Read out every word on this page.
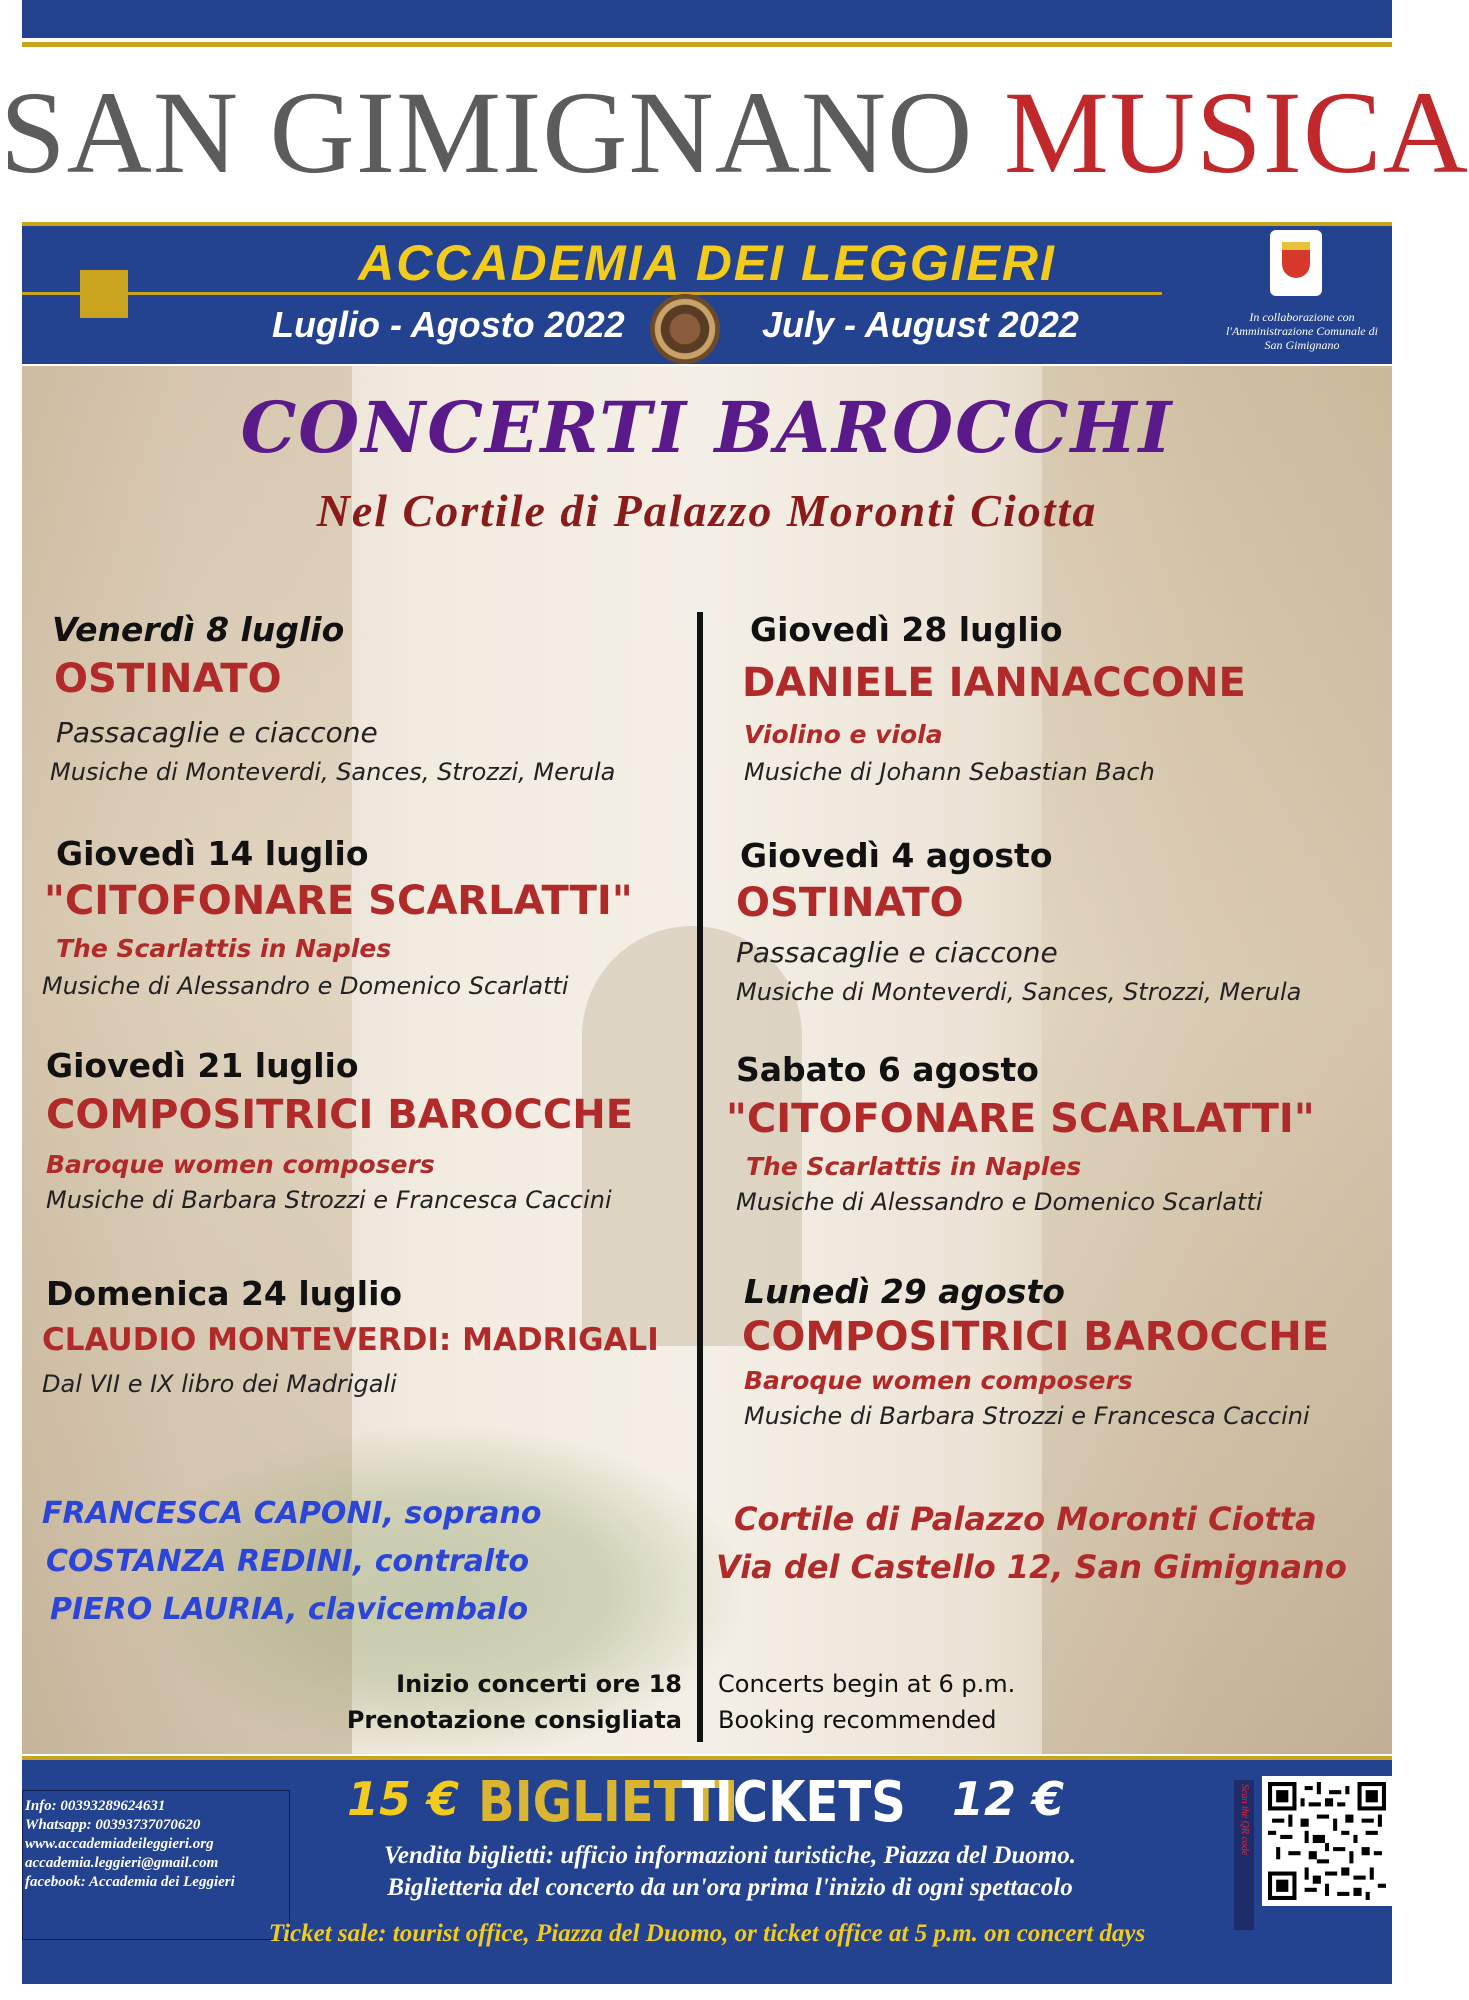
SAN GIMIGNANO MUSICA
ACCADEMIA DEI LEGGIERI
Luglio - Agosto 2022	July - August 2022	In collaborazione con l'Amministrazione Comunale di San Gimignano
CONCERTI BAROCCHI
Nel Cortile di Palazzo Moronti Ciotta
Venerdì 8 luglio
OSTINATO
Passacaglie e ciaccone
Musiche di Monteverdi, Sances, Strozzi, Merula
Giovedì 14 luglio
"CITOFONARE SCARLATTI"
The Scarlattis in Naples
Musiche di Alessandro e Domenico Scarlatti
Giovedì 21 luglio
COMPOSITRICI BAROCCHE
Baroque women composers
Musiche di Barbara Strozzi e Francesca Caccini
Domenica 24 luglio
CLAUDIO MONTEVERDI: MADRIGALI
Dal VII e IX libro dei Madrigali
Giovedì 28 luglio
DANIELE IANNACCONE
Violino e viola
Musiche di Johann Sebastian Bach
Giovedì 4 agosto
OSTINATO
Passacaglie e ciaccone
Musiche di Monteverdi, Sances, Strozzi, Merula
Sabato 6 agosto
"CITOFONARE SCARLATTI"
The Scarlattis in Naples
Musiche di Alessandro e Domenico Scarlatti
Lunedì 29 agosto
COMPOSITRICI BAROCCHE
Baroque women composers
Musiche di Barbara Strozzi e Francesca Caccini
FRANCESCA CAPONI, soprano
COSTANZA REDINI, contralto
PIERO LAURIA, clavicembalo
Cortile di Palazzo Moronti Ciotta
Via del Castello 12, San Gimignano
Inizio concerti ore 18
Prenotazione consigliata
Concerts begin at 6 p.m.
Booking recommended
Info: 00393289624631
Whatsapp: 00393737070620
www.accademiadeileggieri.org
accademia.leggieri@gmail.com
facebook: Accademia dei Leggieri
15 € BIGLIETTI
TICKETS 12 €
Vendita biglietti: ufficio informazioni turistiche, Piazza del Duomo.
Biglietteria del concerto da un'ora prima l'inizio di ogni spettacolo
Ticket sale: tourist office, Piazza del Duomo, or ticket office at 5 p.m. on concert days
Scan the QR code
